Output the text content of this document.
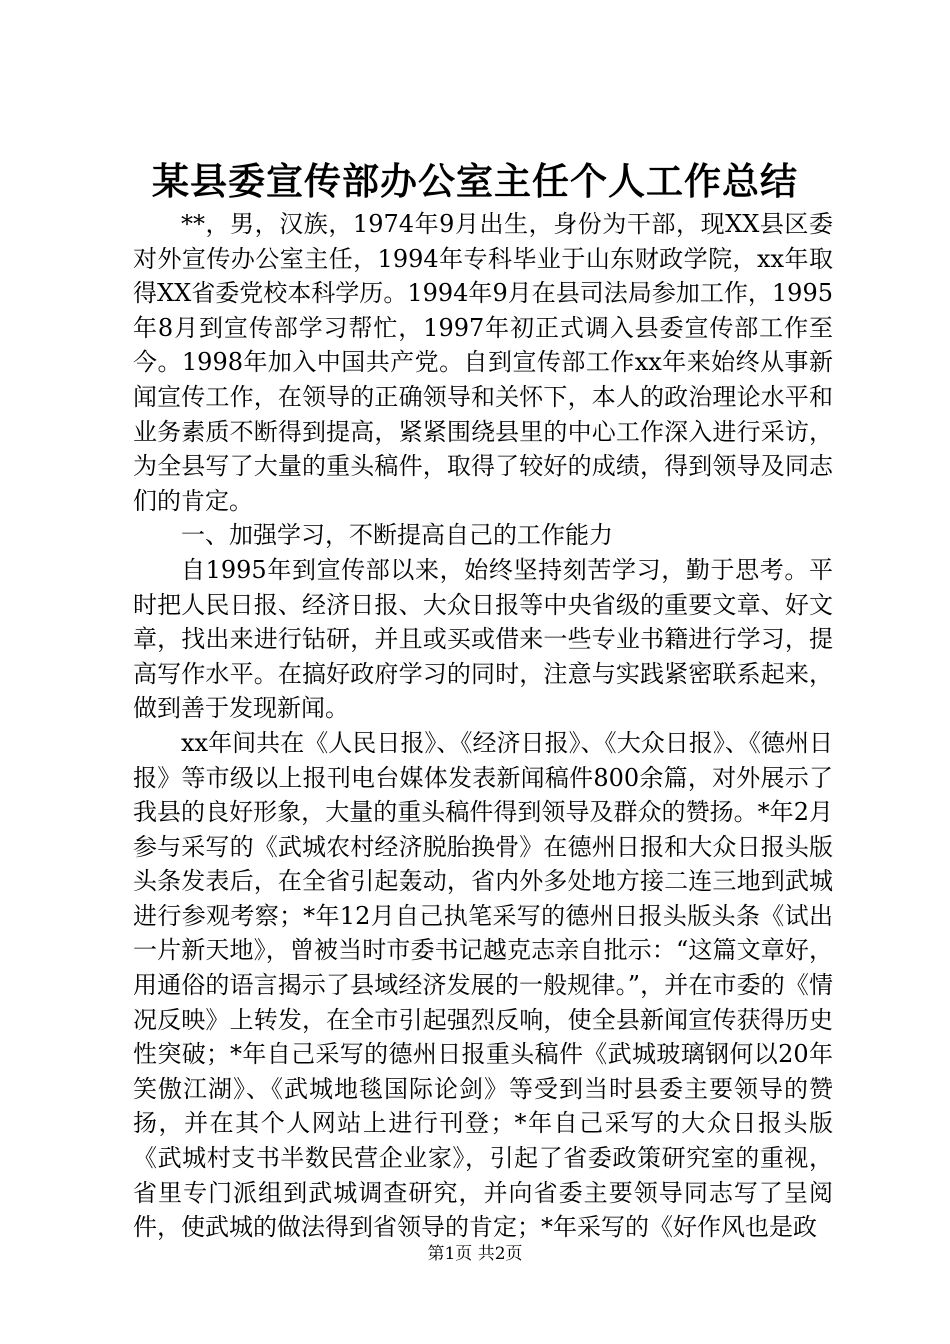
某县委宣传部办公室主任个人工作总结

**，男，汉族，1974年9月出生，身份为干部，现XX县区委对外宣传办公室主任，1994年专科毕业于山东财政学院，xx年取得XX省委党校本科学历。1994年9月在县司法局参加工作，1995年8月到宣传部学习帮忙，1997年初正式调入县委宣传部工作至今。1998年加入中国共产党。自到宣传部工作xx年来始终从事新闻宣传工作，在领导的正确领导和关怀下，本人的政治理论水平和业务素质不断得到提高，紧紧围绕县里的中心工作深入进行采访，为全县写了大量的重头稿件，取得了较好的成绩，得到领导及同志们的肯定。

一、加强学习，不断提高自己的工作能力

自1995年到宣传部以来，始终坚持刻苦学习，勤于思考。平时把人民日报、经济日报、大众日报等中央省级的重要文章、好文章，找出来进行钻研，并且或买或借来一些专业书籍进行学习，提高写作水平。在搞好政府学习的同时，注意与实践紧密联系起来，做到善于发现新闻。

xx年间共在《人民日报》、《经济日报》、《大众日报》、《德州日报》等市级以上报刊电台媒体发表新闻稿件800余篇，对外展示了我县的良好形象，大量的重头稿件得到领导及群众的赞扬。*年2月参与采写的《武城农村经济脱胎换骨》在德州日报和大众日报头版头条发表后，在全省引起轰动，省内外多处地方接二连三地到武城进行参观考察；*年12月自己执笔采写的德州日报头版头条《试出一片新天地》，曾被当时市委书记越克志亲自批示：“这篇文章好，用通俗的语言揭示了县域经济发展的一般规律。”，并在市委的《情况反映》上转发，在全市引起强烈反响，使全县新闻宣传获得历史性突破；*年自己采写的德州日报重头稿件《武城玻璃钢何以20年笑傲江湖》、《武城地毯国际论剑》等受到当时县委主要领导的赞扬，并在其个人网站上进行刊登；*年自己采写的大众日报头版《武城村支书半数民营企业家》，引起了省委政策研究室的重视，省里专门派组到武城调查研究，并向省委主要领导同志写了呈阅件，使武城的做法得到省领导的肯定；*年采写的《好作风也是政

第1页 共2页
